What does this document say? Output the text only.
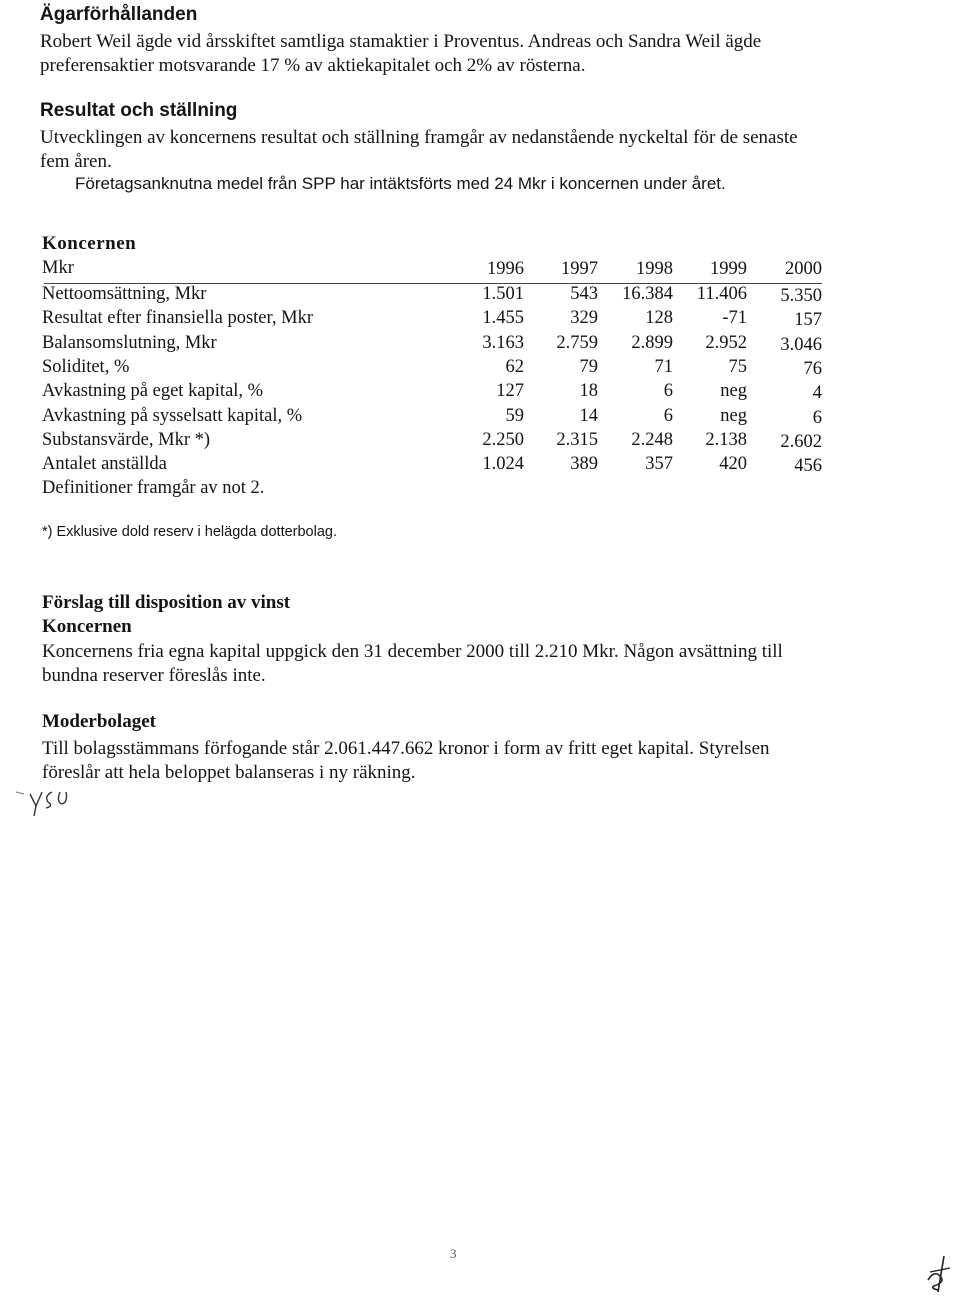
Ägarförhållanden
Robert Weil ägde vid årsskiftet samtliga stamaktier i Proventus. Andreas och Sandra Weil ägde
preferensaktier motsvarande 17 % av aktiekapitalet och 2% av rösterna.
Resultat och ställning
Utvecklingen av koncernens resultat och ställning framgår av nedanstående nyckeltal för de senaste
fem åren.
Företagsanknutna medel från SPP har intäktsförts med 24 Mkr i koncernen under året.
Koncernen
Mkr	1996	1997	1998	1999	2000
Nettoomsättning, Mkr	1.501	543	16.384	11.406	5.350
Resultat efter finansiella poster, Mkr	1.455	329	128	-71	157
Balansomslutning, Mkr	3.163	2.759	2.899	2.952	3.046
Soliditet, %	62	79	71	75	76
Avkastning på eget kapital, %	127	18	6	neg	4
Avkastning på sysselsatt kapital, %	59	14	6	neg	6
Substansvärde, Mkr *)	2.250	2.315	2.248	2.138	2.602
Antalet anställda	1.024	389	357	420	456
Definitioner framgår av not 2.
*) Exklusive dold reserv i helägda dotterbolag.
Förslag till disposition av vinst
Koncernen
Koncernens fria egna kapital uppgick den 31 december 2000 till 2.210 Mkr. Någon avsättning till
bundna reserver föreslås inte.
Moderbolaget
Till bolagsstämmans förfogande står 2.061.447.662 kronor i form av fritt eget kapital. Styrelsen
föreslår att hela beloppet balanseras i ny räkning.
3
